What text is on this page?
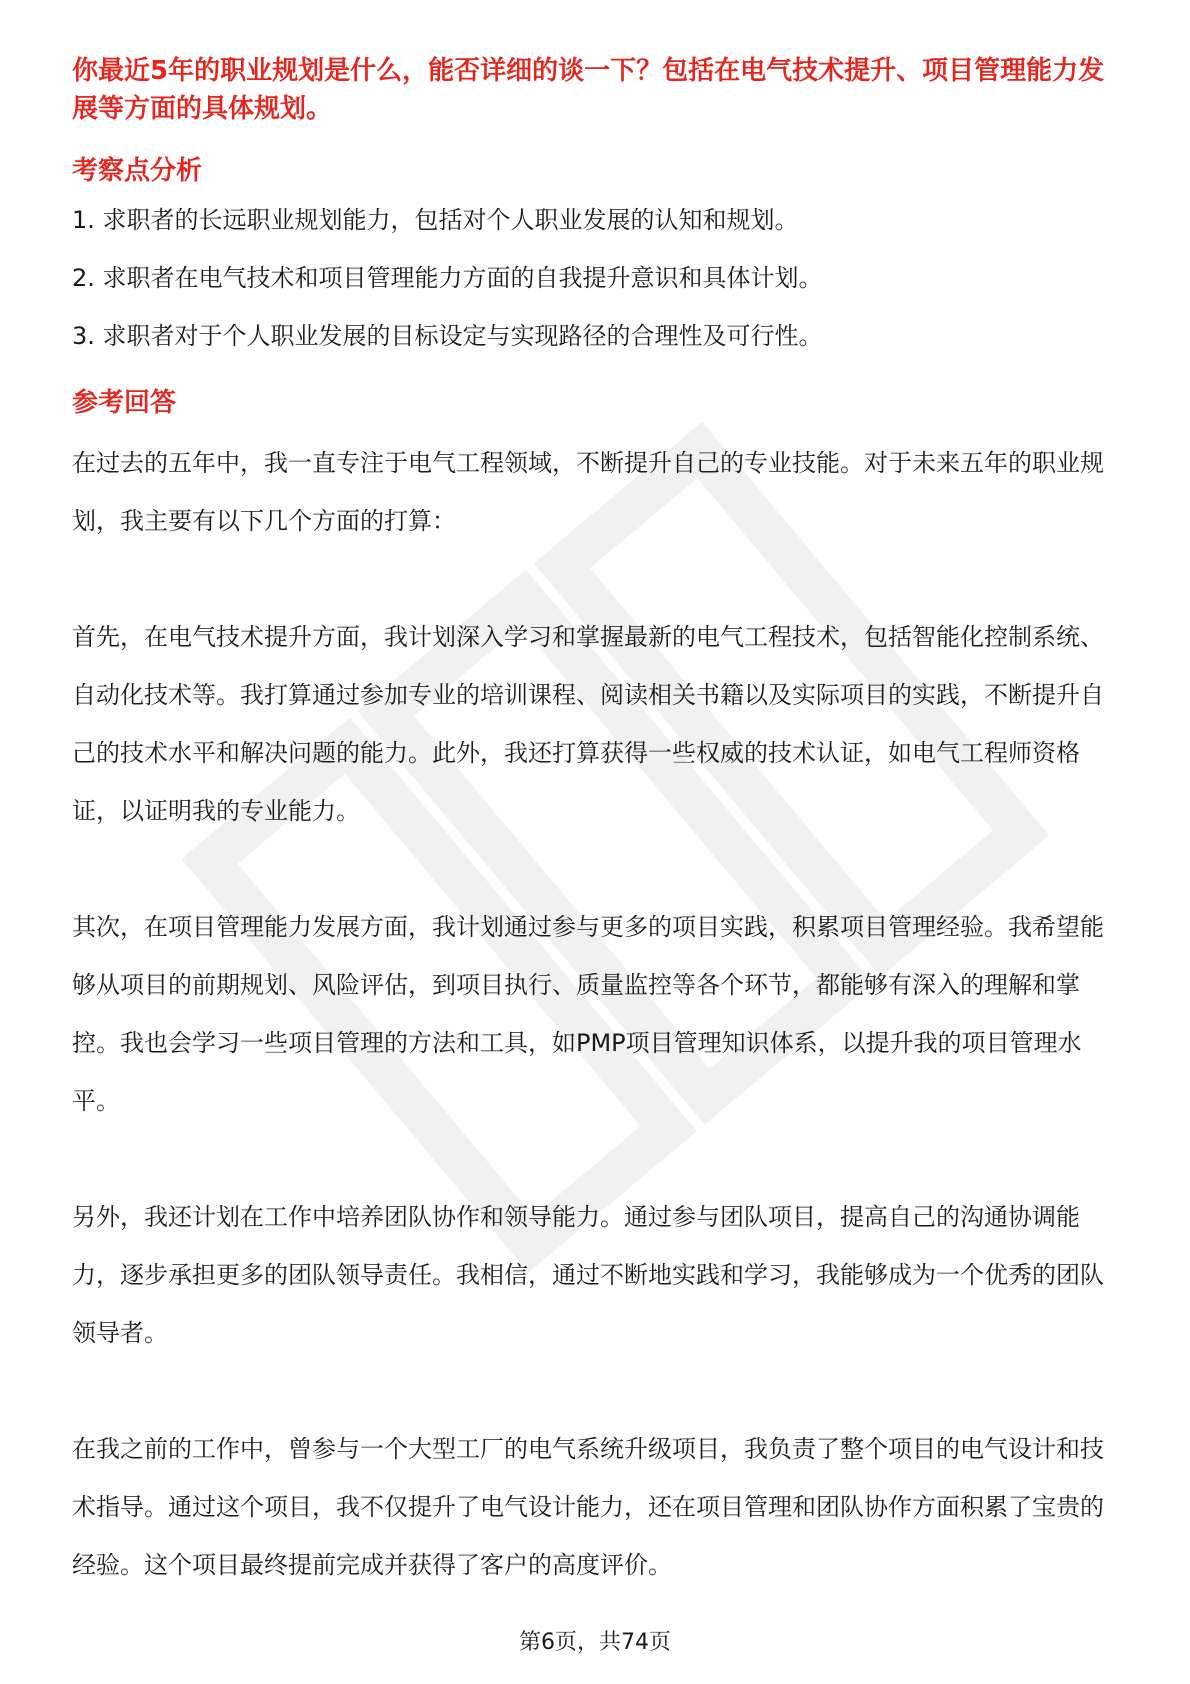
你最近5年的职业规划是什么，能否详细的谈一下？包括在电气技术提升、项目管理能力发展等方面的具体规划。

考察点分析

1. 求职者的长远职业规划能力，包括对个人职业发展的认知和规划。

2. 求职者在电气技术和项目管理能力方面的自我提升意识和具体计划。

3. 求职者对于个人职业发展的目标设定与实现路径的合理性及可行性。

参考回答

在过去的五年中，我一直专注于电气工程领域，不断提升自己的专业技能。对于未来五年的职业规划，我主要有以下几个方面的打算：

首先，在电气技术提升方面，我计划深入学习和掌握最新的电气工程技术，包括智能化控制系统、自动化技术等。我打算通过参加专业的培训课程、阅读相关书籍以及实际项目的实践，不断提升自己的技术水平和解决问题的能力。此外，我还打算获得一些权威的技术认证，如电气工程师资格证，以证明我的专业能力。

其次，在项目管理能力发展方面，我计划通过参与更多的项目实践，积累项目管理经验。我希望能够从项目的前期规划、风险评估，到项目执行、质量监控等各个环节，都能够有深入的理解和掌控。我也会学习一些项目管理的方法和工具，如PMP项目管理知识体系，以提升我的项目管理水平。

另外，我还计划在工作中培养团队协作和领导能力。通过参与团队项目，提高自己的沟通协调能力，逐步承担更多的团队领导责任。我相信，通过不断地实践和学习，我能够成为一个优秀的团队领导者。

在我之前的工作中，曾参与一个大型工厂的电气系统升级项目，我负责了整个项目的电气设计和技术指导。通过这个项目，我不仅提升了电气设计能力，还在项目管理和团队协作方面积累了宝贵的经验。这个项目最终提前完成并获得了客户的高度评价。

第6页，共74页
